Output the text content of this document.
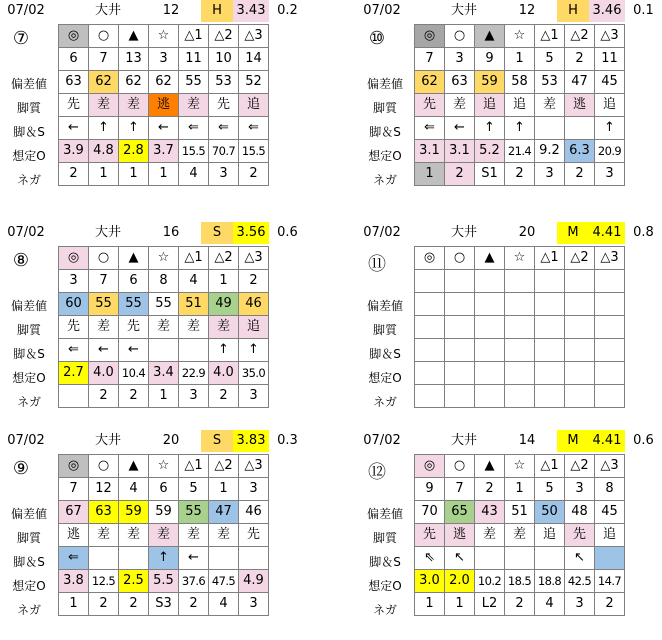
07/02	大井	12	H	3.43 0.2
⑦
偏差値
脚質
脚＆S
想定O
ネガ
◎	○	▲	☆	△1	△2	△3
6	7	13	3	11	10	14
63	62	62	62	55	53	52
先	差	差	逃	差	先	追
←	↑	↑	←	⇐	⇐	⇐
3.9	4.8	2.8	3.7	15.5	70.7	15.5
2	1	1	1	4	3	2
07/02	大井	12	H	3.46 0.1
⑩
偏差値
脚質
脚＆S
想定O
ネガ
◎	○	▲	☆	△1	△2	△3
7	3	9	1	5	2	11
62	63	59	58	53	47	45
先	差	追	追	差	逃	追
⇐	←	↑	↑			↑
3.1	3.1	5.2	21.4	9.2	6.3	20.9
1	2	S1	2	3	2	3
07/02	大井	16	S	3.56 0.6
⑧
偏差値
脚質
脚＆S
想定O
ネガ
◎	○	▲	☆	△1	△2	△3
3	7	6	8	4	1	2
60	55	55	55	51	49	46
先	差	先	差	差	差	追
⇐	←	←			↑	↑
2.7	4.0	10.4	3.4	22.9	4.0	35.0
	2	2	1	3	2	3
07/02	大井	20	M	4.41 0.8
⑪
偏差値
脚質
脚＆S
想定O
ネガ
◎	○	▲	☆	△1	△2	△3

07/02	大井	20	S	3.83 0.3
⑨
偏差値
脚質
脚＆S
想定O
ネガ
◎	○	▲	☆	△1	△2	△3
7	12	4	6	5	1	3
67	63	59	59	55	47	46
逃	差	差	差	差	差	先
⇐			↑	←		
3.8	12.5	2.5	5.5	37.6	47.5	4.9
1	2	2	S3	2	4	3
07/02	大井	14	M	4.41 0.6
⑫
偏差値
脚質
脚＆S
想定O
ネガ
◎	○	▲	☆	△1	△2	△3
9	7	2	1	5	3	8
70	65	43	51	50	48	45
先	逃	差	差	追	先	追
⇖	↖				↖	
3.0	2.0	10.2	18.5	18.8	42.5	14.7
1	1	L2	2	4	3	2
